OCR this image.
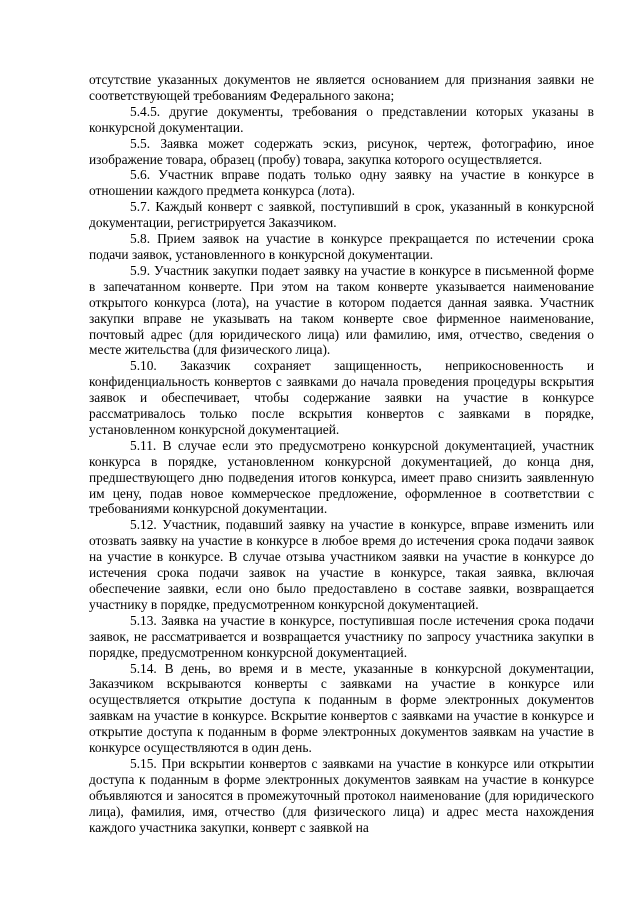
отсутствие указанных документов не является основанием для признания заявки не соответствующей требованиям Федерального закона;

5.4.5. другие документы, требования о представлении которых указаны в конкурсной документации.

5.5. Заявка может содержать эскиз, рисунок, чертеж, фотографию, иное изображение товара, образец (пробу) товара, закупка которого осуществляется.

5.6. Участник вправе подать только одну заявку на участие в конкурсе в отношении каждого предмета конкурса (лота).

5.7. Каждый конверт с заявкой, поступивший в срок, указанный в конкурсной документации, регистрируется Заказчиком.

5.8. Прием заявок на участие в конкурсе прекращается по истечении срока подачи заявок, установленного в конкурсной документации.

5.9. Участник закупки подает заявку на участие в конкурсе в письменной форме в запечатанном конверте. При этом на таком конверте указывается наименование открытого конкурса (лота), на участие в котором подается данная заявка. Участник закупки вправе не указывать на таком конверте свое фирменное наименование, почтовый адрес (для юридического лица) или фамилию, имя, отчество, сведения о месте жительства (для физического лица).

5.10. Заказчик сохраняет защищенность, неприкосновенность и конфиденциальность конвертов с заявками до начала проведения процедуры вскрытия заявок и обеспечивает, чтобы содержание заявки на участие в конкурсе рассматривалось только после вскрытия конвертов с заявками в порядке, установленном конкурсной документацией.

5.11. В случае если это предусмотрено конкурсной документацией, участник конкурса в порядке, установленном конкурсной документацией, до конца дня, предшествующего дню подведения итогов конкурса, имеет право снизить заявленную им цену, подав новое коммерческое предложение, оформленное в соответствии с требованиями конкурсной документации.

5.12. Участник, подавший заявку на участие в конкурсе, вправе изменить или отозвать заявку на участие в конкурсе в любое время до истечения срока подачи заявок на участие в конкурсе. В случае отзыва участником заявки на участие в конкурсе до истечения срока подачи заявок на участие в конкурсе, такая заявка, включая обеспечение заявки, если оно было предоставлено в составе заявки, возвращается участнику в порядке, предусмотренном конкурсной документацией.

5.13. Заявка на участие в конкурсе, поступившая после истечения срока подачи заявок, не рассматривается и возвращается участнику по запросу участника закупки в порядке, предусмотренном конкурсной документацией.

5.14. В день, во время и в месте, указанные в конкурсной документации, Заказчиком вскрываются конверты с заявками на участие в конкурсе или осуществляется открытие доступа к поданным в форме электронных документов заявкам на участие в конкурсе. Вскрытие конвертов с заявками на участие в конкурсе и открытие доступа к поданным в форме электронных документов заявкам на участие в конкурсе осуществляются в один день.

5.15. При вскрытии конвертов с заявками на участие в конкурсе или открытии доступа к поданным в форме электронных документов заявкам на участие в конкурсе объявляются и заносятся в промежуточный протокол наименование (для юридического лица), фамилия, имя, отчество (для физического лица) и адрес места нахождения каждого участника закупки, конверт с заявкой на
